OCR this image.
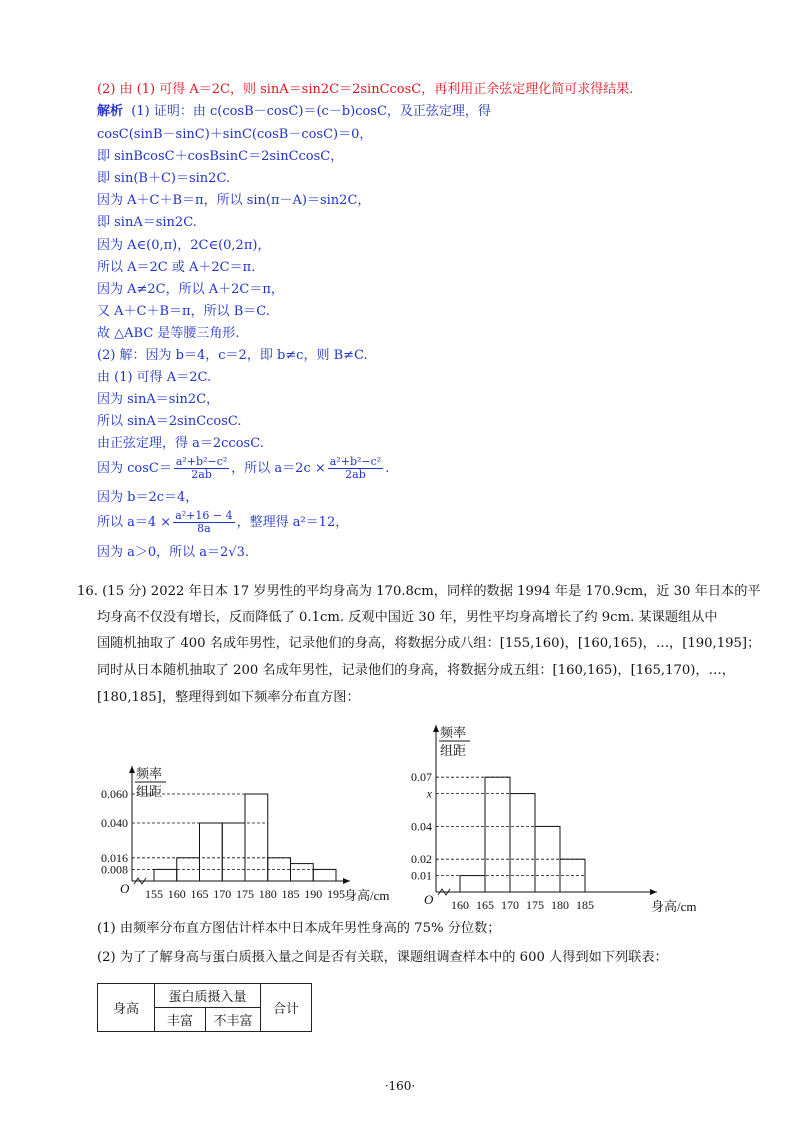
(2) 由 (1) 可得 A＝2C，则 sinA＝sin2C＝2sinCcosC，再利用正余弦定理化简可求得结果.
解析 (1) 证明：由 c(cosB－cosC)＝(c－b)cosC，及正弦定理，得
cosC(sinB－sinC)＋sinC(cosB－cosC)＝0，
即 sinBcosC＋cosBsinC＝2sinCcosC，
即 sin(B＋C)＝sin2C.
因为 A＋C＋B＝π，所以 sin(π－A)＝sin2C，
即 sinA＝sin2C.
因为 A∈(0,π)，2C∈(0,2π)，
所以 A＝2C 或 A＋2C＝π.
因为 A≠2C，所以 A＋2C＝π，
又 A＋C＋B＝π，所以 B＝C.
故 △ABC 是等腰三角形.
(2) 解：因为 b＝4，c＝2，即 b≠c，则 B≠C.
由 (1) 可得 A＝2C.
因为 sinA＝sin2C，
所以 sinA＝2sinCcosC.
由正弦定理，得 a＝2ccosC.
因为 $\cos C= \frac{\text{a²+b²−c²}}{2ab}$ ，所以 $a=2c \times \frac{\text{a²+b²−c²}}{2ab}$ .
因为 b＝2c＝4，
所以 $a=4 \times \frac{\text{a²+16 − 4}}{8a}$ ，整理得 a²＝12，
因为 a＞0，所以 a＝2√3.
16. (15 分) 2022 年日本 17 岁男性的平均身高为 170.8cm，同样的数据 1994 年是 170.9cm，近 30 年日本的平
均身高不仅没有增长，反而降低了 0.1cm. 反观中国近 30 年，男性平均身高增长了约 9cm. 某课题组从中
国随机抽取了 400 名成年男性，记录他们的身高，将数据分成八组：[155,160)，[160,165)，…，[190,195]；
同时从日本随机抽取了 200 名成年男性，记录他们的身高，将数据分成五组：[160,165)，[165,170)，…，
[180,185]，整理得到如下频率分布直方图：
O
频率
组距
0.060
0.040
0.016
0.008
155 160 165 170 175 180 185 190 195 身高/cm	O
频率
组距
0.07
x
0.04
0.02
0.01
160 165 170 175 180 185	身高/cm
(1) 由频率分布直方图估计样本中日本成年男性身高的 75% 分位数；
(2) 为了了解身高与蛋白质摄入量之间是否有关联，课题组调查样本中的 600 人得到如下列联表：
身高	蛋白质摄入量		合计
	丰富	不丰富	
·160·
